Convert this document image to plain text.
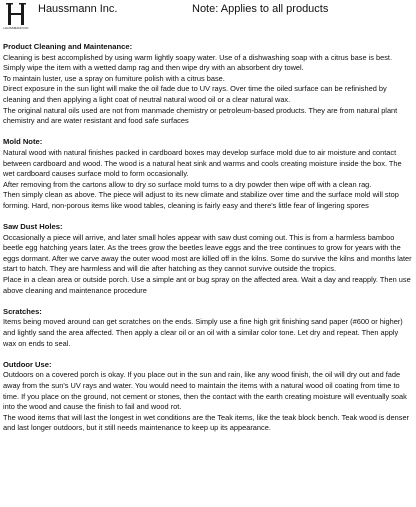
HAUSSMANN INC
Haussmann Inc.	Note: Applies to all products

Product Cleaning and Maintenance:

Cleaning is best accomplished by using warm lightly soapy water. Use of a dishwashing soap with a citrus base is best. Simply wipe the item with a wetted damp rag and then wipe dry with an absorbent dry towel.

To maintain luster, use a spray on furniture polish with a citrus base.

Direct exposure in the sun light will make the oil fade due to UV rays. Over time the oiled surface can be refinished by cleaning and then applying a light coat of neutral natural wood oil or a clear natural wax.

The original natural oils used are not from manmade chemistry or petroleum-based products. They are from natural plant chemistry and are water resistant and food safe surfaces

Mold Note:

Natural wood with natural finishes packed in cardboard boxes may develop surface mold due to air moisture and contact between cardboard and wood. The wood is a natural heat sink and warms and cools creating moisture inside the box. The wet cardboard causes surface mold to form occasionally.

After removing from the cartons allow to dry so surface mold turns to a dry powder then wipe off with a clean rag.

Then simply clean as above. The piece will adjust to its new climate and stabilize over time and the surface mold will stop forming. Hard, non-porous items like wood tables, cleaning is fairly easy and there's little fear of lingering spores

Saw Dust Holes:

Occasionally a piece will arrive, and later small holes appear with saw dust coming out. This is from a harmless bamboo beetle egg hatching years later. As the trees grow the beetles leave eggs and the tree continues to grow for years with the eggs dormant. After we carve away the outer wood most are killed off in the kilns. Some do survive the kilns and months later start to hatch. They are harmless and will die after hatching as they cannot survive outside the tropics.

Place in a clean area or outside porch. Use a simple ant or bug spray on the affected area. Wait a day and reapply. Then use above cleaning and maintenance procedure

Scratches:

Items being moved around can get scratches on the ends. Simply use a fine high grit finishing sand paper (#600 or higher) and lightly sand the area affected. Then apply a clear oil or an oil with a similar color tone. Let dry and repeat. Then apply wax on ends to seal.

Outdoor Use:

Outdoors on a covered porch is okay. If you place out in the sun and rain, like any wood finish, the oil will dry out and fade away from the sun's UV rays and water. You would need to maintain the items with a natural wood oil coating from time to time. If you place on the ground, not cement or stones, then the contact with the earth creating moisture will eventually soak into the wood and cause the finish to fail and wood rot.

The wood items that will last the longest in wet conditions are the Teak items, like the teak block bench. Teak wood is denser and last longer outdoors, but it still needs maintenance to keep up its appearance.
